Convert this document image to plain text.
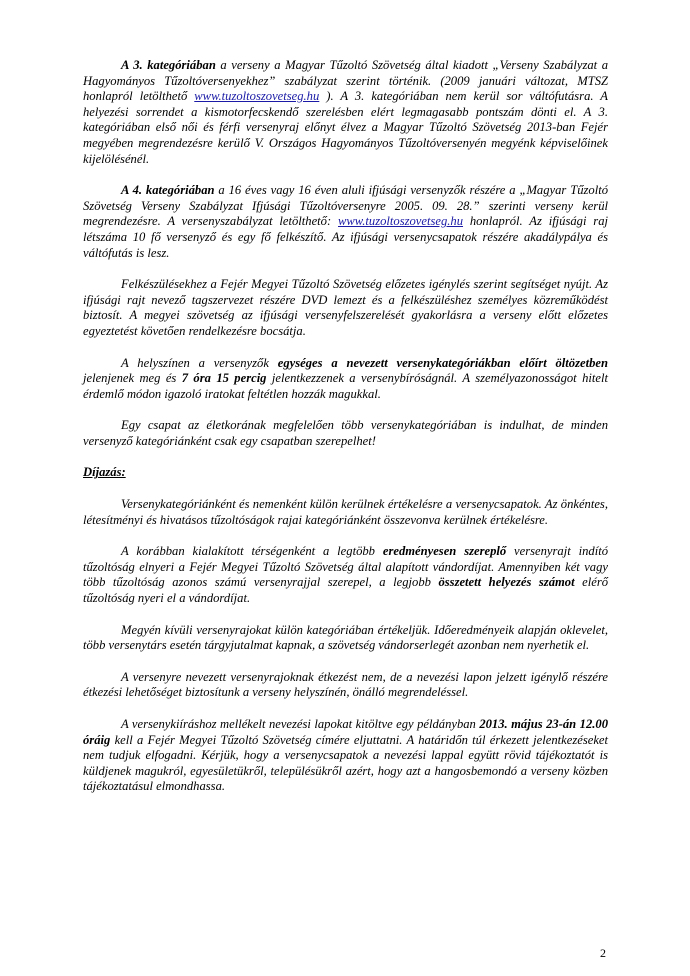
A 3. kategóriában a verseny a Magyar Tűzoltó Szövetség által kiadott „Verseny Szabályzat a Hagyományos Tűzoltóversenyekhez” szabályzat szerint történik. (2009 januári változat, MTSZ honlapról letölthető www.tuzoltoszovetseg.hu ). A 3. kategóriában nem kerül sor váltófutásra. A helyezési sorrendet a kismotorfecskendő szerelésben elért legmagasabb pontszám dönti el. A 3. kategóriában első női és férfi versenyraj előnyt élvez a Magyar Tűzoltó Szövetség 2013-ban Fejér megyében megrendezésre kerülő V. Országos Hagyományos Tűzoltóversenyén megyénk képviselőinek kijelölésénél.

A 4. kategóriában a 16 éves vagy 16 éven aluli ifjúsági versenyzők részére a „Magyar Tűzoltó Szövetség Verseny Szabályzat Ifjúsági Tűzoltóversenyre 2005. 09. 28.” szerinti verseny kerül megrendezésre. A versenyszabályzat letölthető: www.tuzoltoszovetseg.hu honlapról. Az ifjúsági raj létszáma 10 fő versenyző és egy fő felkészítő. Az ifjúsági versenycsapatok részére akadálypálya és váltófutás is lesz.

Felkészülésekhez a Fejér Megyei Tűzoltó Szövetség előzetes igénylés szerint segítséget nyújt. Az ifjúsági rajt nevező tagszervezet részére DVD lemezt és a felkészüléshez személyes közreműködést biztosít. A megyei szövetség az ifjúsági versenyfelszerelését gyakorlásra a verseny előtt előzetes egyeztetést követően rendelkezésre bocsátja.

A helyszínen a versenyzők egységes a nevezett versenykategóriákban előírt öltözetben jelenjenek meg és 7 óra 15 percig jelentkezzenek a versenybíróságnál. A személyazonosságot hitelt érdemlő módon igazoló iratokat feltétlen hozzák magukkal.

Egy csapat az életkorának megfelelően több versenykategóriában is indulhat, de minden versenyző kategóriánként csak egy csapatban szerepelhet!

Díjazás:

Versenykategóriánként és nemenként külön kerülnek értékelésre a versenycsapatok. Az önkéntes, létesítményi és hivatásos tűzoltóságok rajai kategóriánként összevonva kerülnek értékelésre.

A korábban kialakított térségenként a legtöbb eredményesen szereplő versenyrajt indító tűzoltóság elnyeri a Fejér Megyei Tűzoltó Szövetség által alapított vándordíjat. Amennyiben két vagy több tűzoltóság azonos számú versenyrajjal szerepel, a legjobb összetett helyezés számot elérő tűzoltóság nyeri el a vándordíjat.

Megyén kívüli versenyrajokat külön kategóriában értékeljük. Időeredményeik alapján oklevelet, több versenytárs esetén tárgyjutalmat kapnak, a szövetség vándorserlegét azonban nem nyerhetik el.

A versenyre nevezett versenyrajoknak étkezést nem, de a nevezési lapon jelzett igénylő részére étkezési lehetőséget biztosítunk a verseny helyszínén, önálló megrendeléssel.

A versenykiíráshoz mellékelt nevezési lapokat kitöltve egy példányban 2013. május 23-án 12.00 óráig kell a Fejér Megyei Tűzoltó Szövetség címére eljuttatni. A határidőn túl érkezett jelentkezéseket nem tudjuk elfogadni. Kérjük, hogy a versenycsapatok a nevezési lappal együtt rövid tájékoztatót is küldjenek magukról, egyesületükről, településükről azért, hogy azt a hangosbemondó a verseny közben tájékoztatásul elmondhassa.

2
